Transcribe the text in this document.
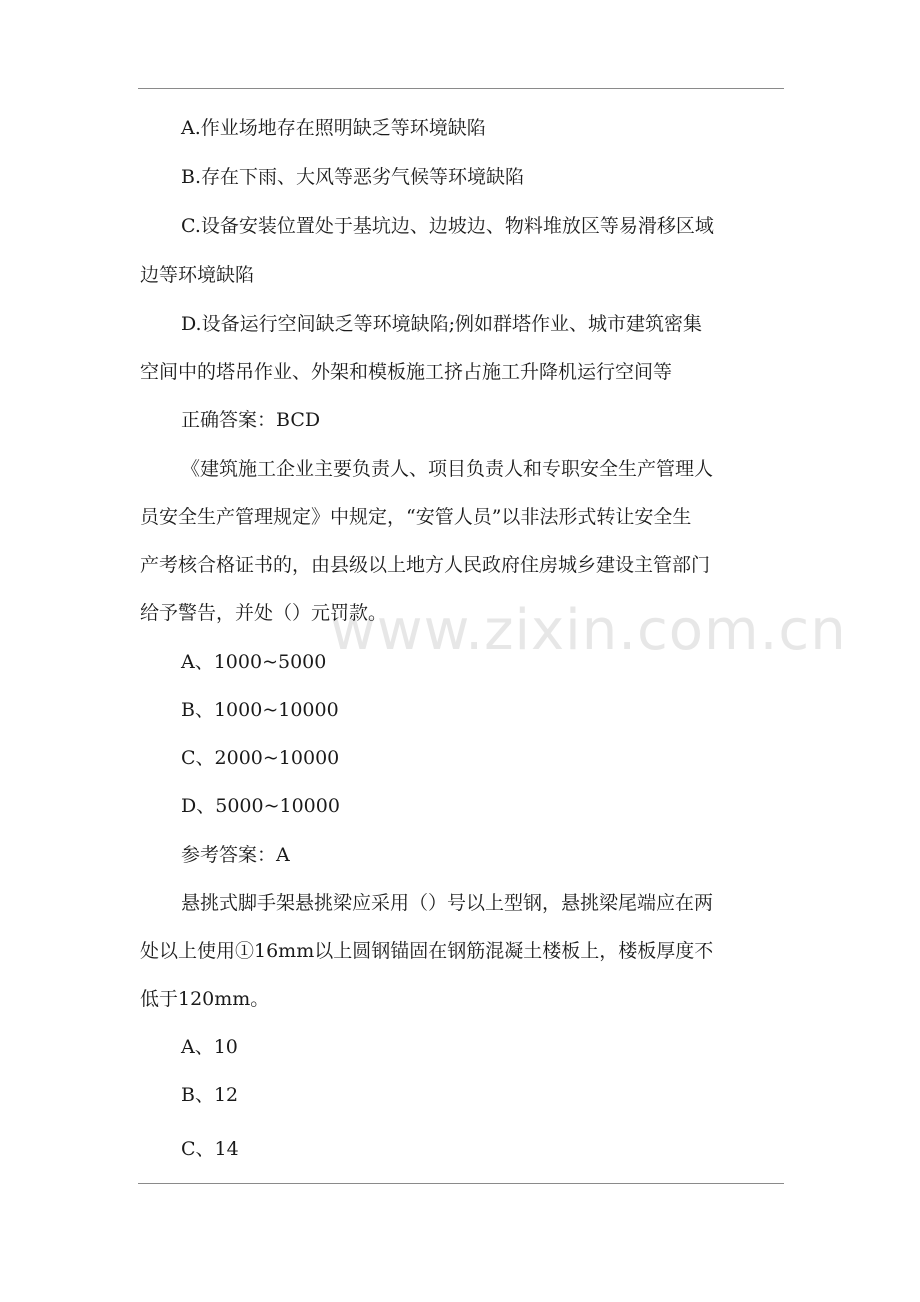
www.zixin.com.cn
A.作业场地存在照明缺乏等环境缺陷
B.存在下雨、大风等恶劣气候等环境缺陷
C.设备安装位置处于基坑边、边坡边、物料堆放区等易滑移区域
边等环境缺陷
D.设备运行空间缺乏等环境缺陷;例如群塔作业、城市建筑密集
空间中的塔吊作业、外架和模板施工挤占施工升降机运行空间等
正确答案：BCD
《建筑施工企业主要负责人、项目负责人和专职安全生产管理人
员安全生产管理规定》中规定，“安管人员”以非法形式转让安全生
产考核合格证书的，由县级以上地方人民政府住房城乡建设主管部门
给予警告，并处（）元罚款。
A、1000~5000
B、1000~10000
C、2000~10000
D、5000~10000
参考答案：A
悬挑式脚手架悬挑梁应采用（）号以上型钢，悬挑梁尾端应在两
处以上使用①16mm以上圆钢锚固在钢筋混凝土楼板上，楼板厚度不
低于120mm。
A、10
B、12
C、14
